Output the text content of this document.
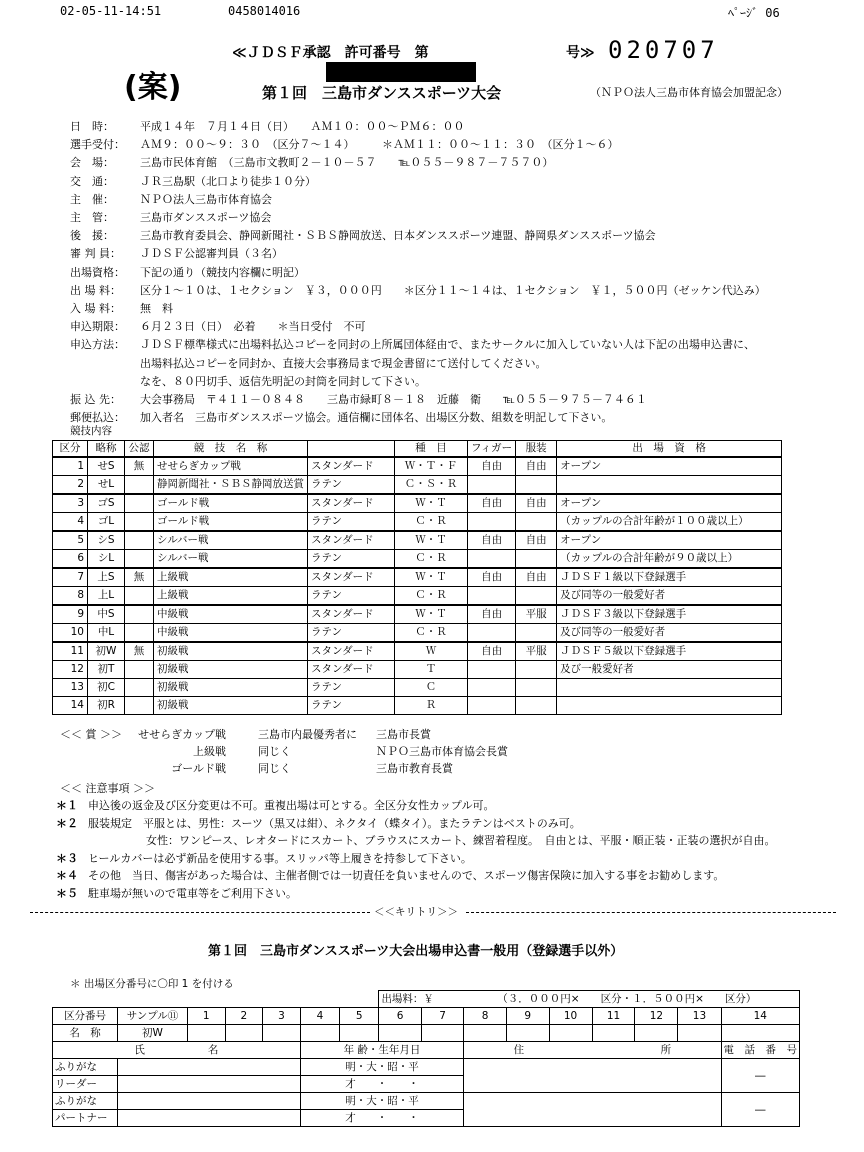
02-05-11-14:51	0458014016	ﾍﾟｰｼﾞ 06
≪ＪＤＳＦ承認　許可番号　第	号≫ 020707
(案)	第１回　三島市ダンススポーツ大会	（ＮＰＯ法人三島市体育協会加盟記念）
日　時： 平成１４年　７月１４日（日）　　ＡＭ１０：００～ＰＭ６：００
選手受付： ＡＭ９：００～９：３０　（区分７～１４）　　　＊ＡＭ１１：００～１１：３０　（区分１～６）
会　場： 三島市民体育館　（三島市文教町２－１０－５７　　℡０５５－９８７－７５７０）
交　通： ＪＲ三島駅（北口より徒歩１０分）
主　催： ＮＰＯ法人三島市体育協会
主　管： 三島市ダンススポーツ協会
後　援： 三島市教育委員会、静岡新聞社・ＳＢＳ静岡放送、日本ダンススポーツ連盟、静岡県ダンススポーツ協会
審 判 員： ＪＤＳＦ公認審判員（３名）
出場資格： 下記の通り（競技内容欄に明記）
出 場 料： 区分１～１０は、１セクション　￥３，０００円　　＊区分１１～１４は、１セクション　￥１，５００円（ゼッケン代込み）
入 場 料： 無　料
申込期限： ６月２３日（日）　必着　　＊当日受付　不可
申込方法： ＪＤＳＦ標準様式に出場料払込コピーを同封の上所属団体経由で、またサークルに加入していない人は下記の出場申込書に、
出場料払込コピーを同封か、直接大会事務局まで現金書留にて送付してください。
なを、８０円切手、返信先明記の封筒を同封して下さい。
振 込 先： 大会事務局　〒４１１－０８４８　　三島市緑町８－１８　近藤　衛　　℡０５５－９７５－７４６１
郵便払込： 加入者名　三島市ダンススポーツ協会。通信欄に団体名、出場区分数、組数を明記して下さい。
競技内容
区分	略称	公認	競　技　名　称		種　目	フィガー	服装	出　場　資　格
1	せS	無	せせらぎカップ戦	スタンダード	Ｗ・Ｔ・Ｆ	自由	自由	オープン
2	せL		静岡新聞社・ＳＢＳ静岡放送賞	ラテン	Ｃ・Ｓ・Ｒ			
3	ゴS		ゴールド戦	スタンダード	Ｗ・Ｔ	自由	自由	オープン
4	ゴL		ゴールド戦	ラテン	Ｃ・Ｒ			（カップルの合計年齢が１００歳以上）
5	シS		シルバー戦	スタンダード	Ｗ・Ｔ	自由	自由	オープン
6	シL		シルバー戦	ラテン	Ｃ・Ｒ			（カップルの合計年齢が９０歳以上）
7	上S	無	上級戦	スタンダード	Ｗ・Ｔ	自由	自由	ＪＤＳＦ１級以下登録選手
8	上L		上級戦	ラテン	Ｃ・Ｒ			及び同等の一般愛好者
9	中S		中級戦	スタンダード	Ｗ・Ｔ	自由	平服	ＪＤＳＦ３級以下登録選手
10	中L		中級戦	ラテン	Ｃ・Ｒ			及び同等の一般愛好者
11	初W	無	初級戦	スタンダード	Ｗ	自由	平服	ＪＤＳＦ５級以下登録選手
12	初T		初級戦	スタンダード	Ｔ			及び一般愛好者
13	初C		初級戦	ラテン	Ｃ			
14	初R		初級戦	ラテン	Ｒ			
＜＜ 賞 ＞＞ せせらぎカップ戦	三島市内最優秀者に 三島市長賞
上級戦	同じく	ＮＰＯ三島市体育協会長賞
ゴールド戦	同じく	三島市教育長賞
＜＜ 注意事項 ＞＞
＊１ 申込後の返金及び区分変更は不可。重複出場は可とする。全区分女性カップル可。
＊２ 服装規定　平服とは、男性：スーツ（黒又は紺）、ネクタイ（蝶タイ）。またラテンはベストのみ可。
女性：ワンピース、レオタードにスカート、ブラウスにスカート、練習着程度。　自由とは、平服・順正装・正装の選択が自由。
＊３ ヒールカバーは必ず新品を使用する事。スリッパ等上履きを持参して下さい。
＊４ その他　当日、傷害があった場合は、主催者側では一切責任を負いませんので、スポーツ傷害保険に加入する事をお勧めします。
＊５ 駐車場が無いので電車等をご利用下さい。
＜＜キリトリ＞＞
第１回　三島市ダンススポーツ大会出場申込書一般用（登録選手以外）
＊ 出場区分番号に〇印 1 を付ける
							出場料：￥ （３．０００円×　　区分・１．５００円×　　区分）								
区分番号	サンプル⑪	1	2	3	4	5	6	7	8	9	10	11	12	13	14
名　称	初W														
氏　　　　　　名					年 齢・生年月日				住　　　　　　　　　　　　　所						電　話　番　号
ふりがな					明・大・昭・平										―
リーダー					才　　・　　・										
ふりがな					明・大・昭・平										―
パートナー					才　　・　　・										
